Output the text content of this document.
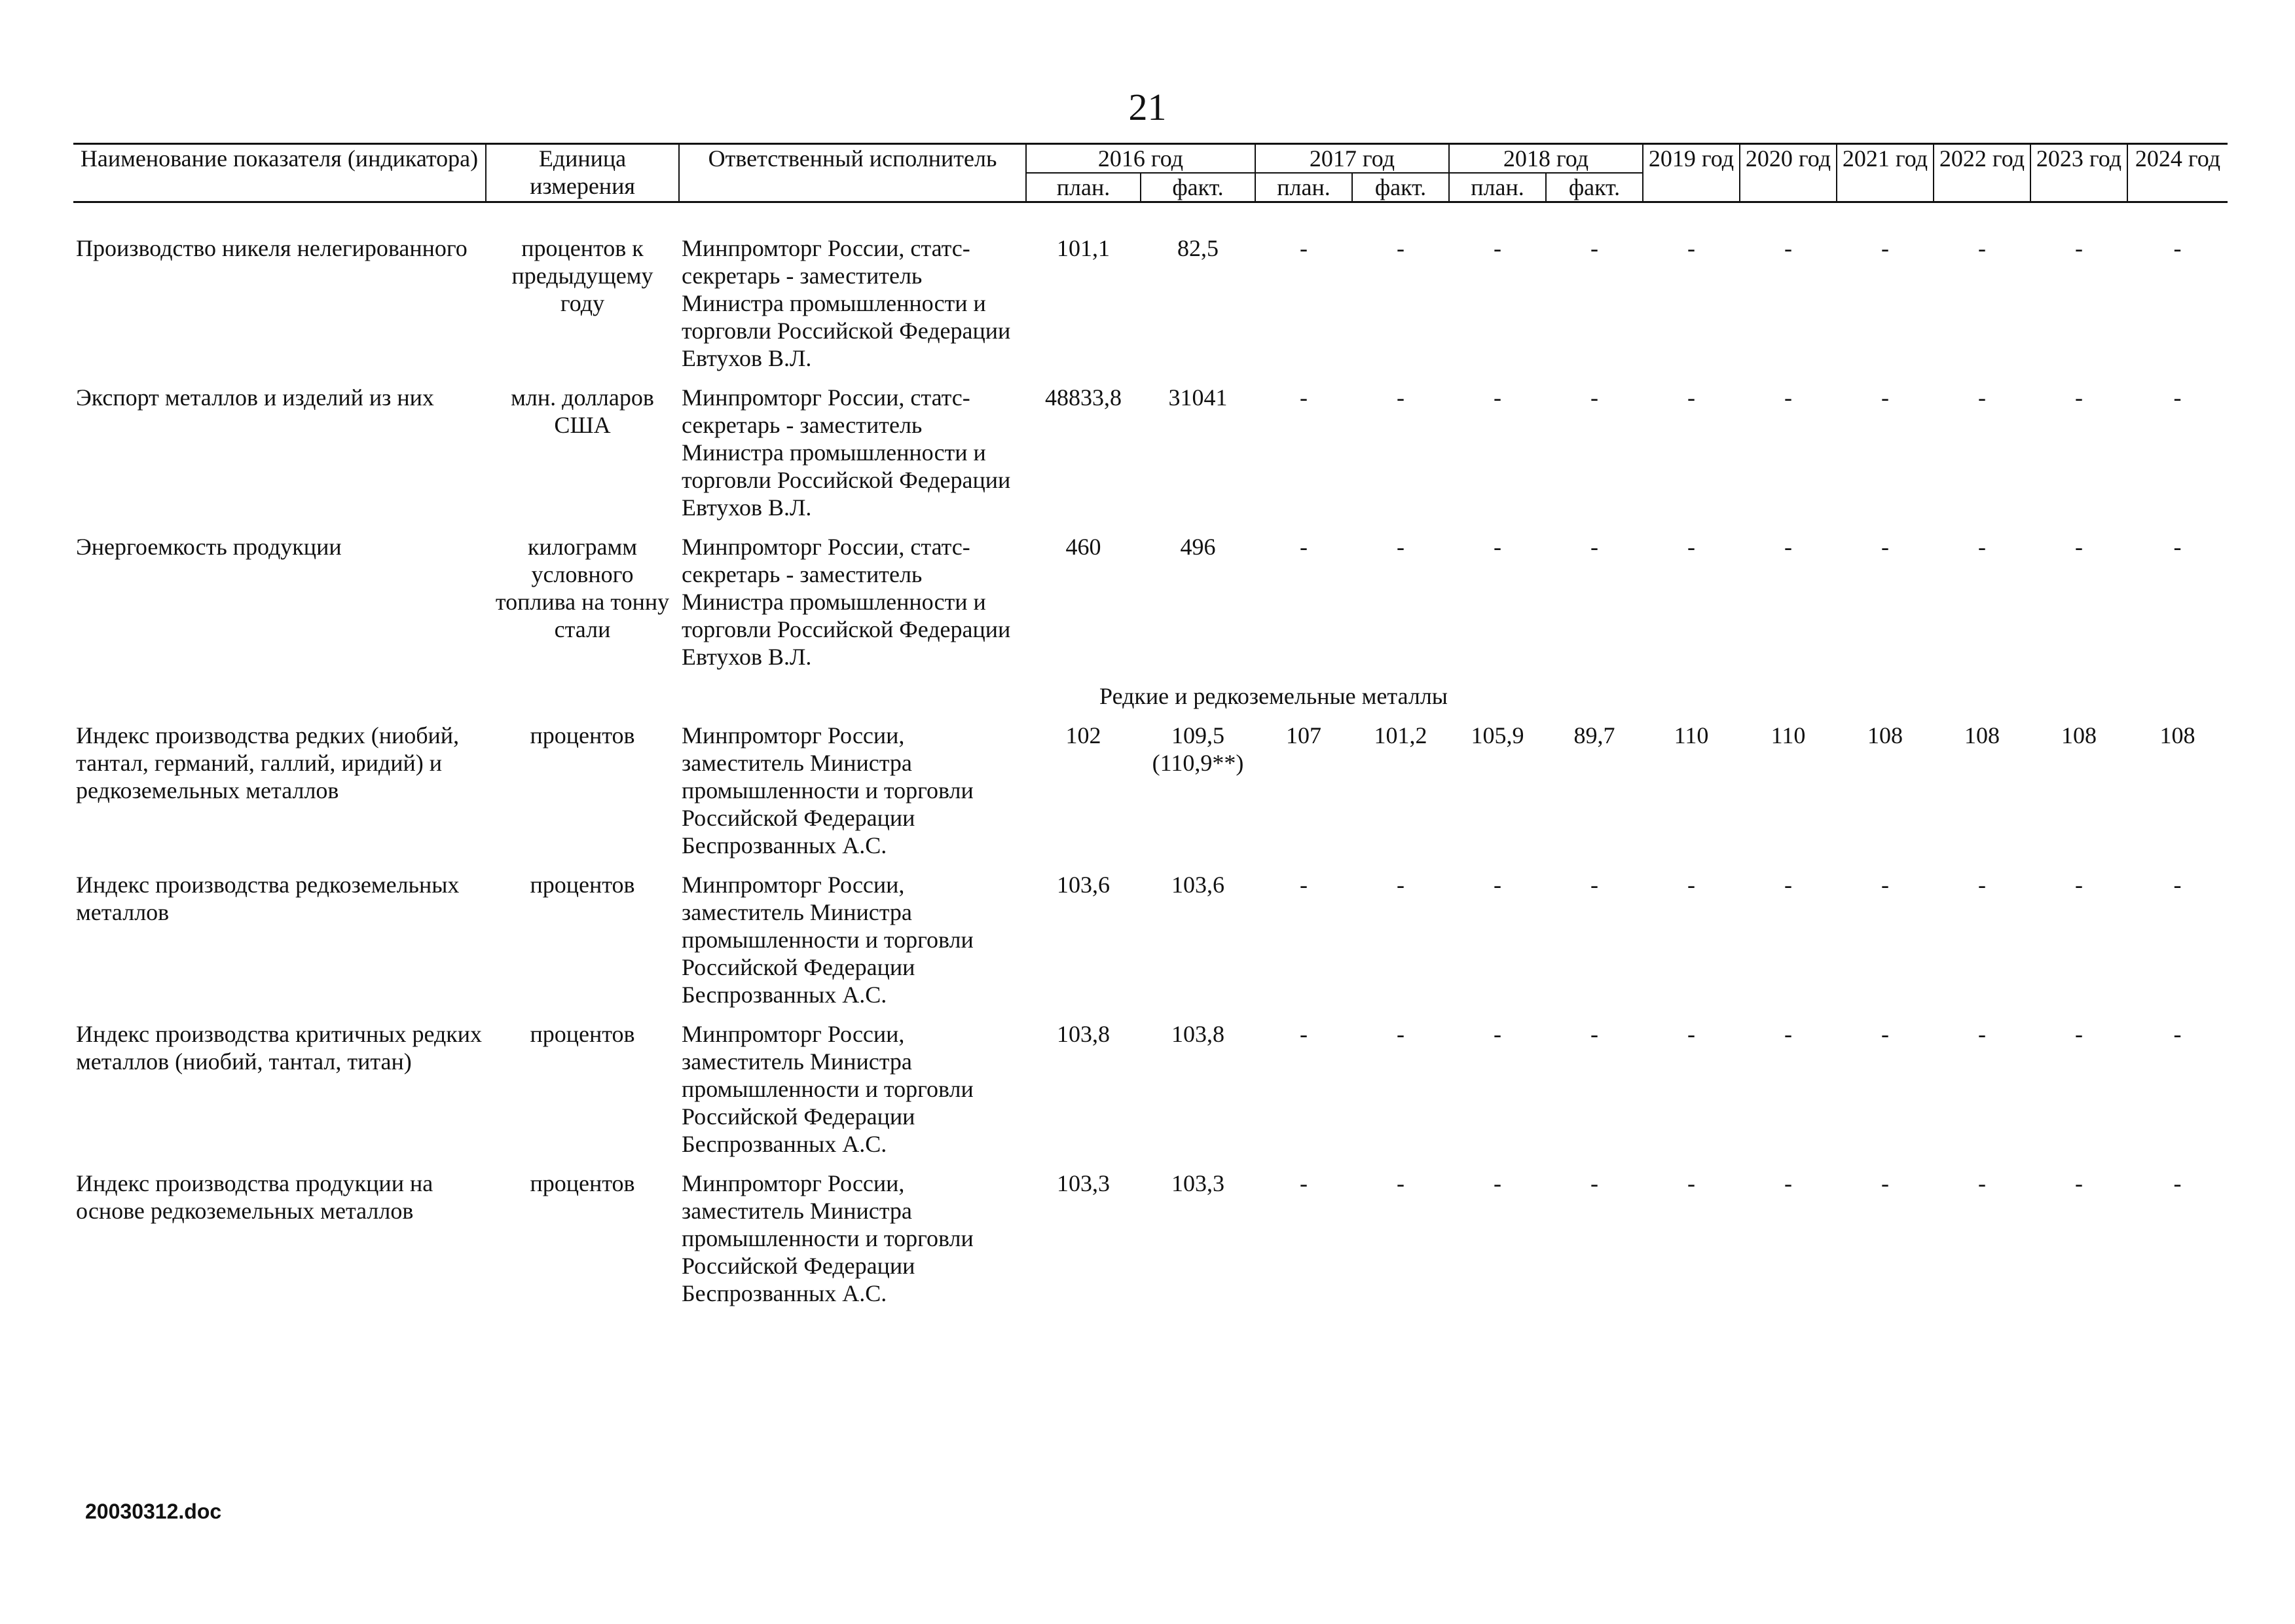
21
Наименование показателя (индикатора)	Единица измерения	Ответственный исполнитель	2016 год		2017 год		2018 год		2019 год	2020 год	2021 год	2022 год	2023 год	2024 год
			план.	факт.	план.	факт.	план.	факт.						

Производство никеля нелегированного	процентов к предыдущему году	Минпромторг России, статс-секретарь - заместитель Министра промышленности и торговли Российской Федерации Евтухов В.Л.	101,1	82,5	-	-	-	-	-	-	-	-	-	-
Экспорт металлов и изделий из них	млн. долларов США	Минпромторг России, статс-секретарь - заместитель Министра промышленности и торговли Российской Федерации Евтухов В.Л.	48833,8	31041	-	-	-	-	-	-	-	-	-	-
Энергоемкость продукции	килограмм условного топлива на тонну стали	Минпромторг России, статс-секретарь - заместитель Министра промышленности и торговли Российской Федерации Евтухов В.Л.	460	496	-	-	-	-	-	-	-	-	-	-
Редкие и редкоземельные металлы														
Индекс производства редких (ниобий, тантал, германий, галлий, иридий) и редкоземельных металлов	процентов	Минпромторг России, заместитель Министра промышленности и торговли Российской Федерации Беспрозванных А.С.	102	109,5 (110,9**)	107	101,2	105,9	89,7	110	110	108	108	108	108
Индекс производства редкоземельных металлов	процентов	Минпромторг России, заместитель Министра промышленности и торговли Российской Федерации Беспрозванных А.С.	103,6	103,6	-	-	-	-	-	-	-	-	-	-
Индекс производства критичных редких металлов (ниобий, тантал, титан)	процентов	Минпромторг России, заместитель Министра промышленности и торговли Российской Федерации Беспрозванных А.С.	103,8	103,8	-	-	-	-	-	-	-	-	-	-
Индекс производства продукции на основе редкоземельных металлов	процентов	Минпромторг России, заместитель Министра промышленности и торговли Российской Федерации Беспрозванных А.С.	103,3	103,3	-	-	-	-	-	-	-	-	-	-
20030312.doc
